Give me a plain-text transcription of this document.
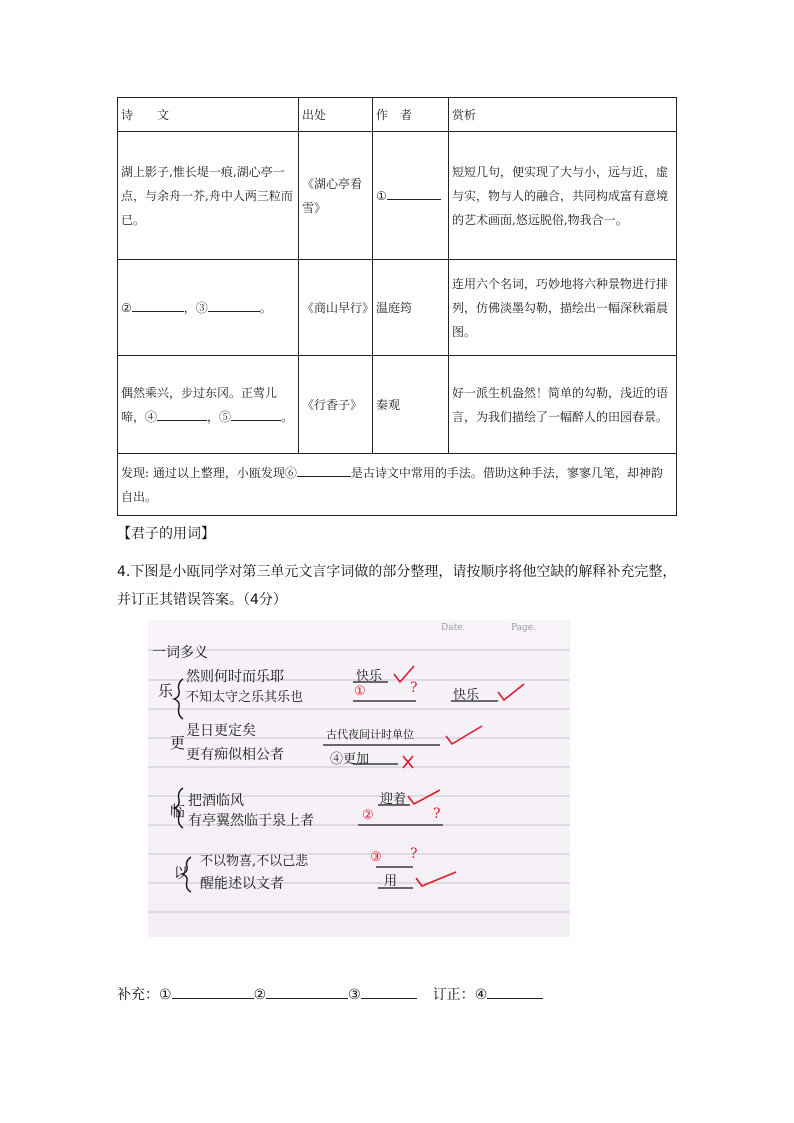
诗　　文	出处	作　者	赏析
湖上影子,惟长堤一痕,湖心亭一点，与余舟一芥,舟中人两三粒而已。	《湖心亭看雪》	①	短短几句，便实现了大与小，远与近，虚与实，物与人的融合，共同构成富有意境的艺术画面,悠远脱俗,物我合一。
② ，③ 。	《商山早行》	温庭筠	连用六个名词，巧妙地将六种景物进行排列，仿佛淡墨勾勒，描绘出一幅深秋霜晨图。
偶然乘兴，步过东冈。正莺儿啼，④ ，⑤ 。	《行香子》	秦观	好一派生机盎然！简单的勾勒，浅近的语言，为我们描绘了一幅醉人的田园春景。
发现: 通过以上整理，小瓯发现⑥ 是古诗文中常用的手法。借助这种手法，寥寥几笔，却神韵自出。			
【君子的用词】
4.下图是小瓯同学对第三单元文言字词做的部分整理，请按顺序将他空缺的解释补充完整，并订正其错误答案。（4分）
Date.	Page.
一词多义
乐
然则何时而乐耶
不知太守之乐其乐也
快乐
①	?	快乐
更
是日更定矣
更有痴似相公者
古代夜间计时单位
④更加
临
把酒临风
有亭翼然临于泉上者
迎着
②	?
以
不以物喜,不以己悲
醒能述以文者
③ ?
用
补充：①	②	③	订正：④
